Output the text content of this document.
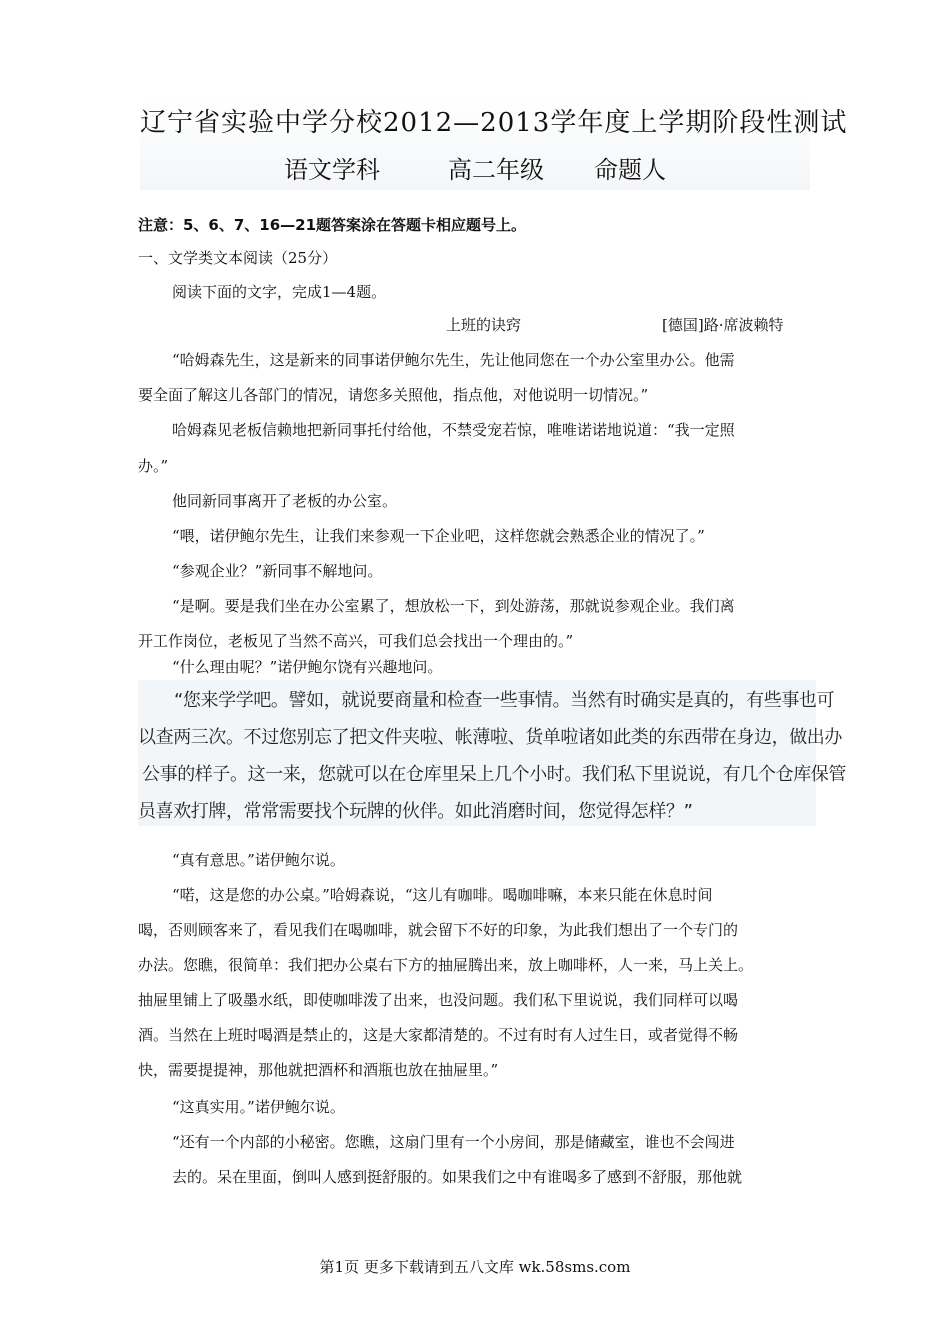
辽宁省实验中学分校2012—2013学年度上学期阶段性测试
语文学科	高二年级 命题人
注意：5、6、7、16—21题答案涂在答题卡相应题号上。
一、文学类文本阅读（25分）
阅读下面的文字，完成1—4题。
上班的诀窍	[德国]路·席波赖特
“哈姆森先生，这是新来的同事诺伊鲍尔先生，先让他同您在一个办公室里办公。他需
要全面了解这儿各部门的情况，请您多关照他，指点他，对他说明一切情况。”
哈姆森见老板信赖地把新同事托付给他，不禁受宠若惊，唯唯诺诺地说道：“我一定照
办。”
他同新同事离开了老板的办公室。
“喂，诺伊鲍尔先生，让我们来参观一下企业吧，这样您就会熟悉企业的情况了。”
“参观企业？”新同事不解地问。
“是啊。要是我们坐在办公室累了，想放松一下，到处游荡，那就说参观企业。我们离
开工作岗位，老板见了当然不高兴，可我们总会找出一个理由的。”
“什么理由呢？”诺伊鲍尔饶有兴趣地问。
“您来学学吧。譬如，就说要商量和检查一些事情。当然有时确实是真的，有些事也可
以查两三次。不过您别忘了把文件夹啦、帐薄啦、货单啦诸如此类的东西带在身边，做出办
公事的样子。这一来，您就可以在仓库里呆上几个小时。我们私下里说说，有几个仓库保管
员喜欢打牌，常常需要找个玩牌的伙伴。如此消磨时间，您觉得怎样？”
“真有意思。”诺伊鲍尔说。
“喏，这是您的办公桌。”哈姆森说，“这儿有咖啡。喝咖啡嘛，本来只能在休息时间
喝，否则顾客来了，看见我们在喝咖啡，就会留下不好的印象，为此我们想出了一个专门的
办法。您瞧，很简单：我们把办公桌右下方的抽屉腾出来，放上咖啡杯，人一来，马上关上。
抽屉里铺上了吸墨水纸，即使咖啡泼了出来，也没问题。我们私下里说说，我们同样可以喝
酒。当然在上班时喝酒是禁止的，这是大家都清楚的。不过有时有人过生日，或者觉得不畅
快，需要提提神，那他就把酒杯和酒瓶也放在抽屉里。”
“这真实用。”诺伊鲍尔说。
“还有一个内部的小秘密。您瞧，这扇门里有一个小房间，那是储藏室，谁也不会闯进
去的。呆在里面，倒叫人感到挺舒服的。如果我们之中有谁喝多了感到不舒服，那他就
第1页 更多下载请到五八文库 wk.58sms.com
